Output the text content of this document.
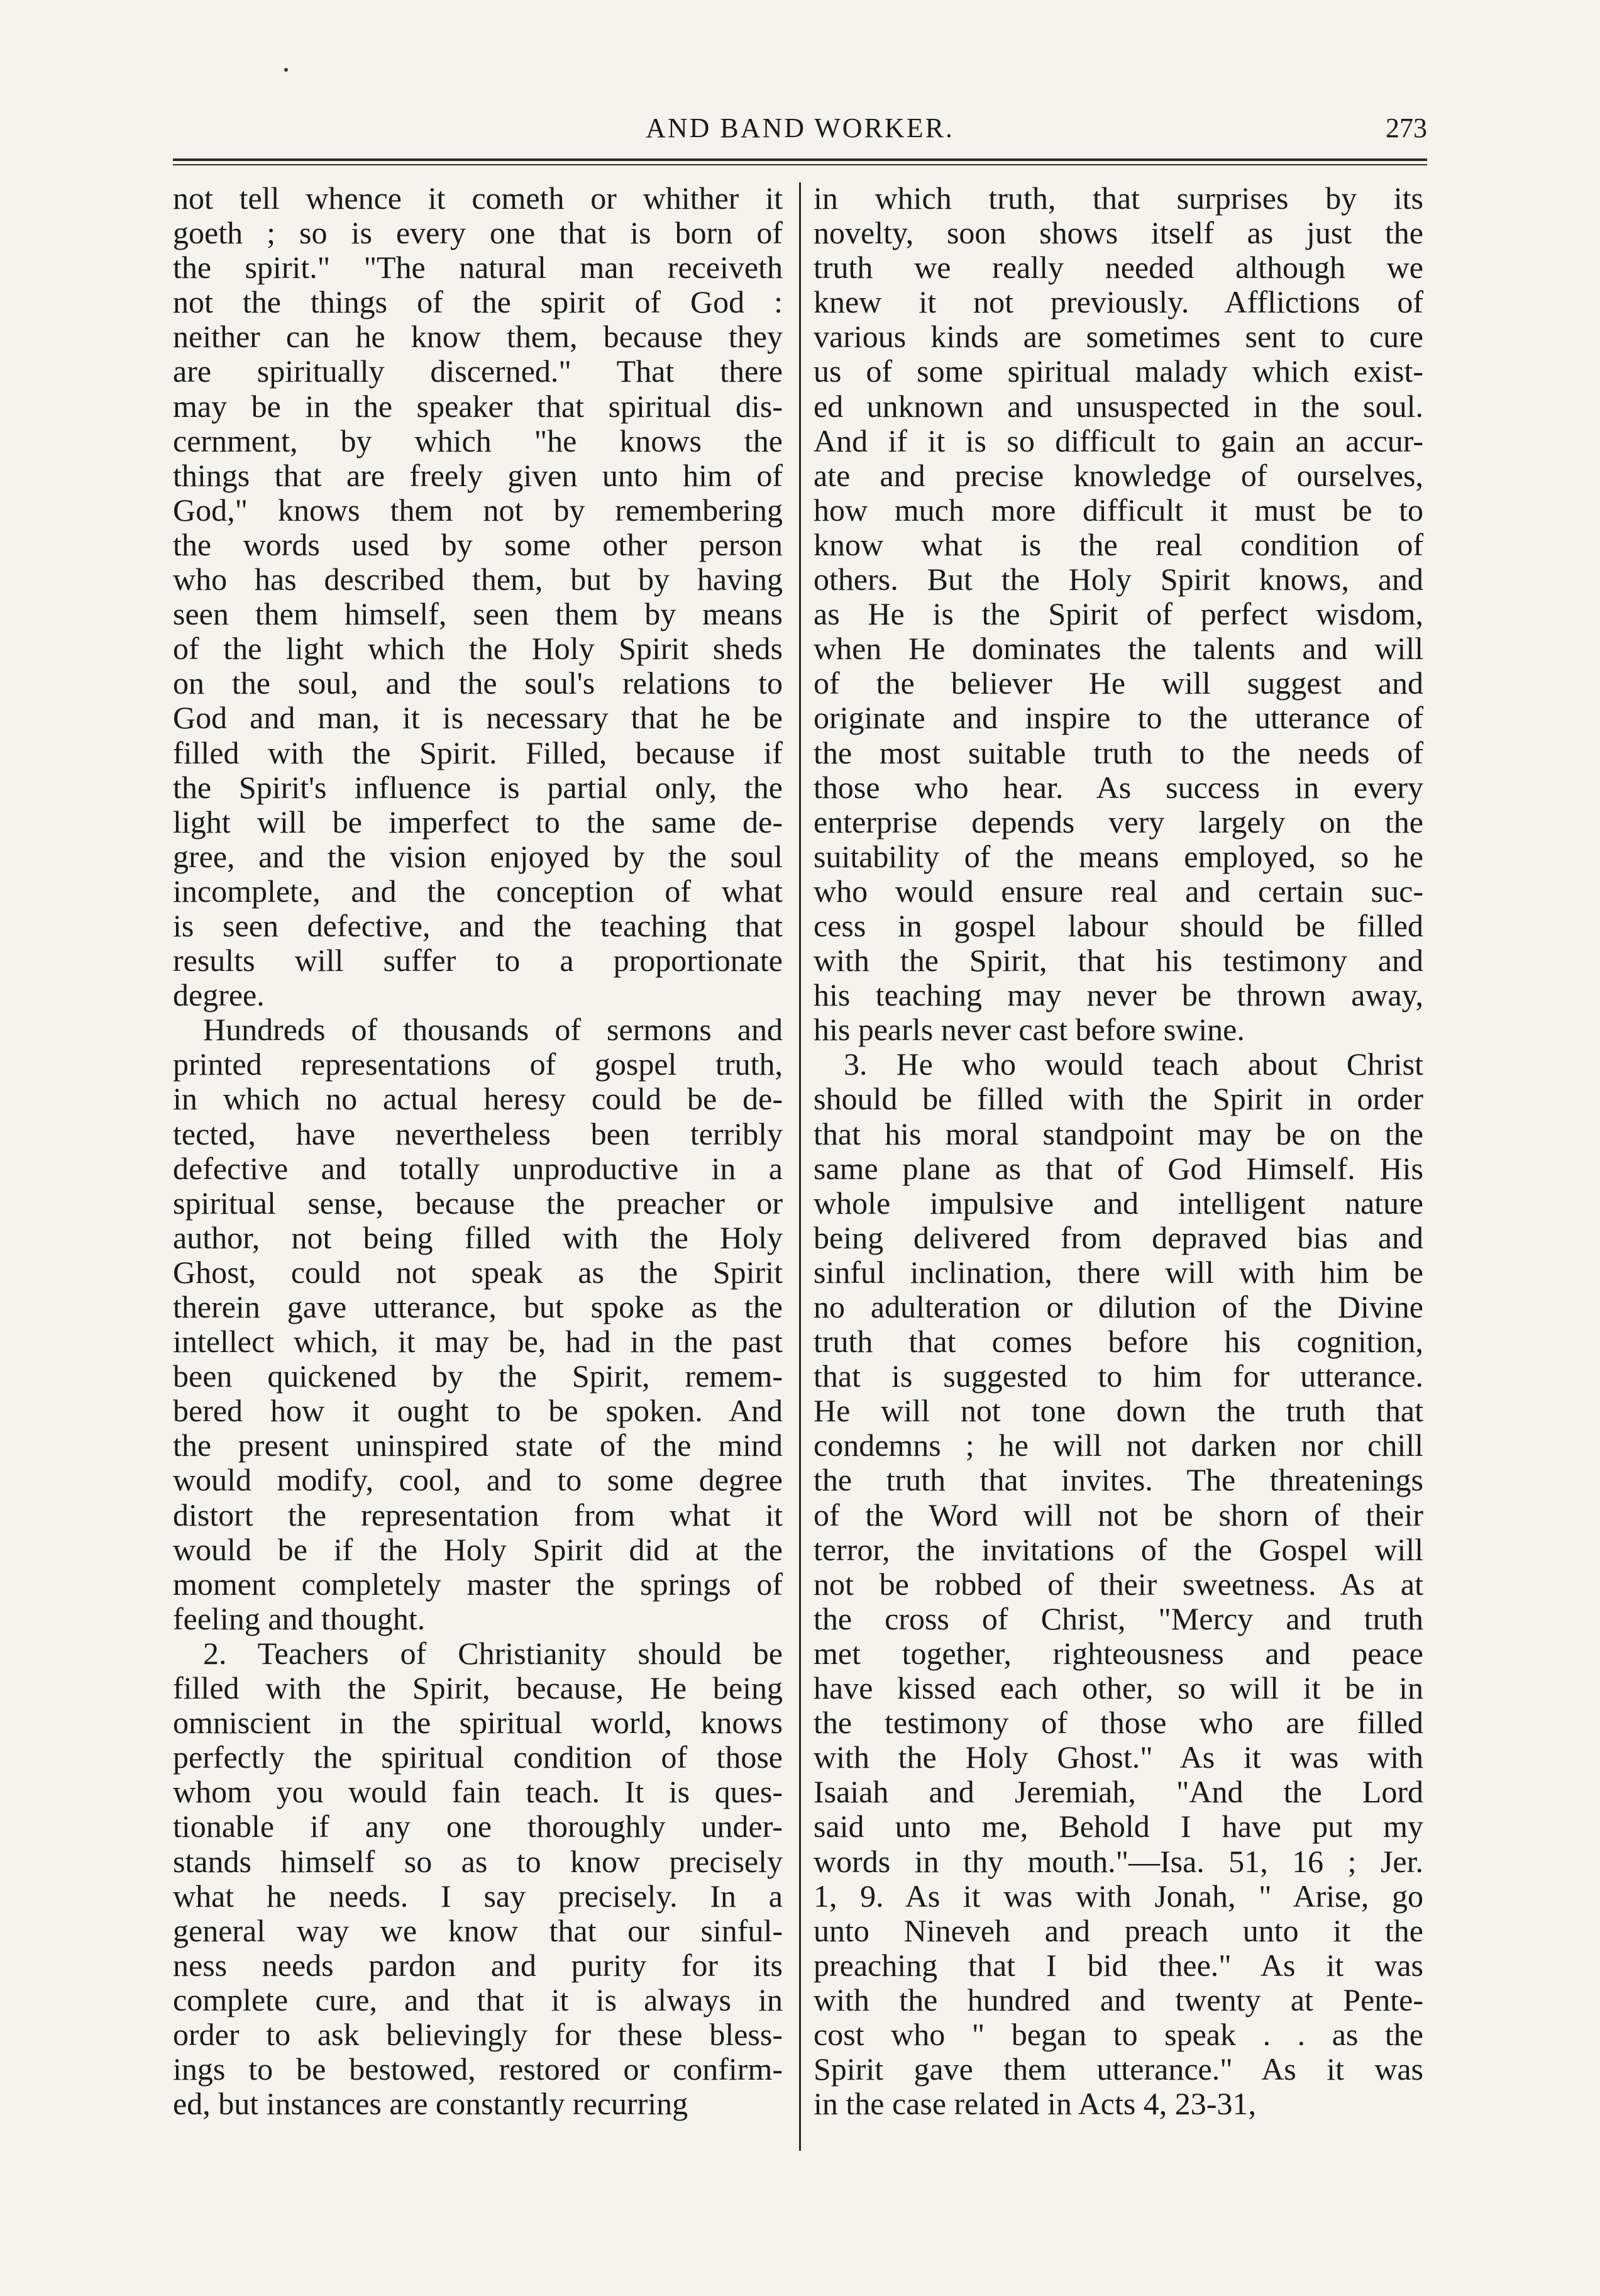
AND BAND WORKER.	273
not tell whence it cometh or whither it
goeth ; so is every one that is born of
the spirit." "The natural man receiveth
not the things of the spirit of God :
neither can he know them, because they
are spiritually discerned." That there
may be in the speaker that spiritual dis-
cernment, by which "he knows the
things that are freely given unto him of
God," knows them not by remembering
the words used by some other person
who has described them, but by having
seen them himself, seen them by means
of the light which the Holy Spirit sheds
on the soul, and the soul's relations to
God and man, it is necessary that he be
filled with the Spirit. Filled, because if
the Spirit's influence is partial only, the
light will be imperfect to the same de-
gree, and the vision enjoyed by the soul
incomplete, and the conception of what
is seen defective, and the teaching that
results will suffer to a proportionate
degree.
Hundreds of thousands of sermons and
printed representations of gospel truth,
in which no actual heresy could be de-
tected, have nevertheless been terribly
defective and totally unproductive in a
spiritual sense, because the preacher or
author, not being filled with the Holy
Ghost, could not speak as the Spirit
therein gave utterance, but spoke as the
intellect which, it may be, had in the past
been quickened by the Spirit, remem-
bered how it ought to be spoken. And
the present uninspired state of the mind
would modify, cool, and to some degree
distort the representation from what it
would be if the Holy Spirit did at the
moment completely master the springs of
feeling and thought.
2. Teachers of Christianity should be
filled with the Spirit, because, He being
omniscient in the spiritual world, knows
perfectly the spiritual condition of those
whom you would fain teach. It is ques-
tionable if any one thoroughly under-
stands himself so as to know precisely
what he needs. I say precisely. In a
general way we know that our sinful-
ness needs pardon and purity for its
complete cure, and that it is always in
order to ask believingly for these bless-
ings to be bestowed, restored or confirm-
ed, but instances are constantly recurring
in which truth, that surprises by its
novelty, soon shows itself as just the
truth we really needed although we
knew it not previously. Afflictions of
various kinds are sometimes sent to cure
us of some spiritual malady which exist-
ed unknown and unsuspected in the soul.
And if it is so difficult to gain an accur-
ate and precise knowledge of ourselves,
how much more difficult it must be to
know what is the real condition of
others. But the Holy Spirit knows, and
as He is the Spirit of perfect wisdom,
when He dominates the talents and will
of the believer He will suggest and
originate and inspire to the utterance of
the most suitable truth to the needs of
those who hear. As success in every
enterprise depends very largely on the
suitability of the means employed, so he
who would ensure real and certain suc-
cess in gospel labour should be filled
with the Spirit, that his testimony and
his teaching may never be thrown away,
his pearls never cast before swine.
3. He who would teach about Christ
should be filled with the Spirit in order
that his moral standpoint may be on the
same plane as that of God Himself. His
whole impulsive and intelligent nature
being delivered from depraved bias and
sinful inclination, there will with him be
no adulteration or dilution of the Divine
truth that comes before his cognition,
that is suggested to him for utterance.
He will not tone down the truth that
condemns ; he will not darken nor chill
the truth that invites. The threatenings
of the Word will not be shorn of their
terror, the invitations of the Gospel will
not be robbed of their sweetness. As at
the cross of Christ, "Mercy and truth
met together, righteousness and peace
have kissed each other, so will it be in
the testimony of those who are filled
with the Holy Ghost." As it was with
Isaiah and Jeremiah, "And the Lord
said unto me, Behold I have put my
words in thy mouth."—Isa. 51, 16 ; Jer.
1, 9. As it was with Jonah, " Arise, go
unto Nineveh and preach unto it the
preaching that I bid thee." As it was
with the hundred and twenty at Pente-
cost who " began to speak . . as the
Spirit gave them utterance." As it was
in the case related in Acts 4, 23-31,
